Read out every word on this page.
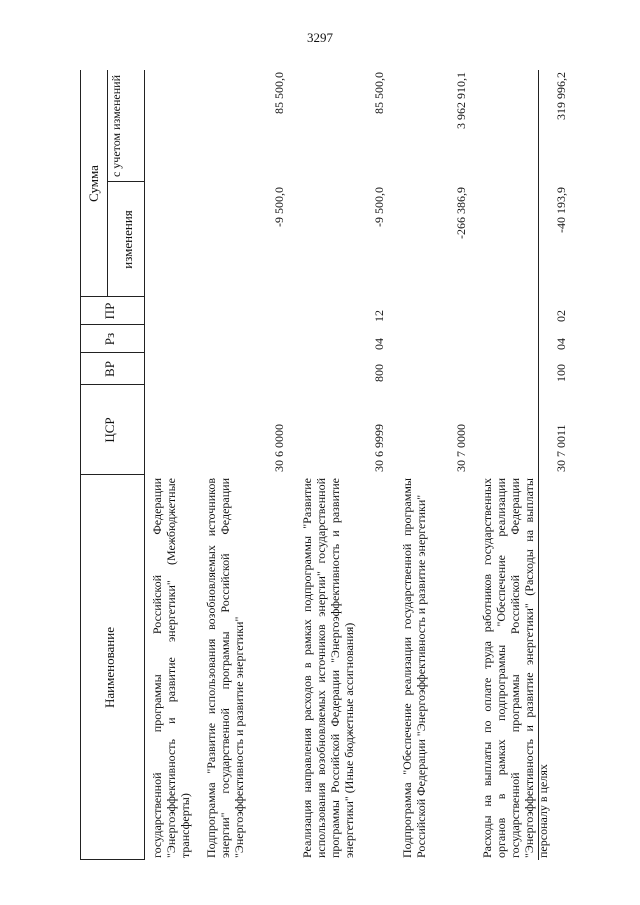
3297
Наименование
ЦСР
ВР
Рз
ПР
Сумма
изменения
с учетом изменений
государственной программы Российской Федерации "Энергоэффективность и развитие энергетики" (Межбюджетные трансферты) Подпрограмма "Развитие использования возобновляемых источников энергии" государственной программы Российской Федерации "Энергоэффективность и развитие энергетики"
30 6 0000
-9 500,0
85 500,0
Реализация направления расходов в рамках подпрограммы "Развитие использования возобновляемых источников энергии" государственной программы Российской Федерации "Энергоэффективность и развитие энергетики" (Иные бюджетные ассигнования)
30 6 9999
800
04
12
-9 500,0
85 500,0
Подпрограмма "Обеспечение реализации государственной программы Российской Федерации "Энергоэффективность и развитие энергетики"
30 7 0000
-266 386,9
3 962 910,1
Расходы на выплаты по оплате труда работников государственных органов в рамках подпрограммы "Обеспечение реализации государственной программы Российской Федерации "Энергоэффективность и развитие энергетики" (Расходы на выплаты персоналу в целях
30 7 0011
100
04
02
-40 193,9
319 996,2
